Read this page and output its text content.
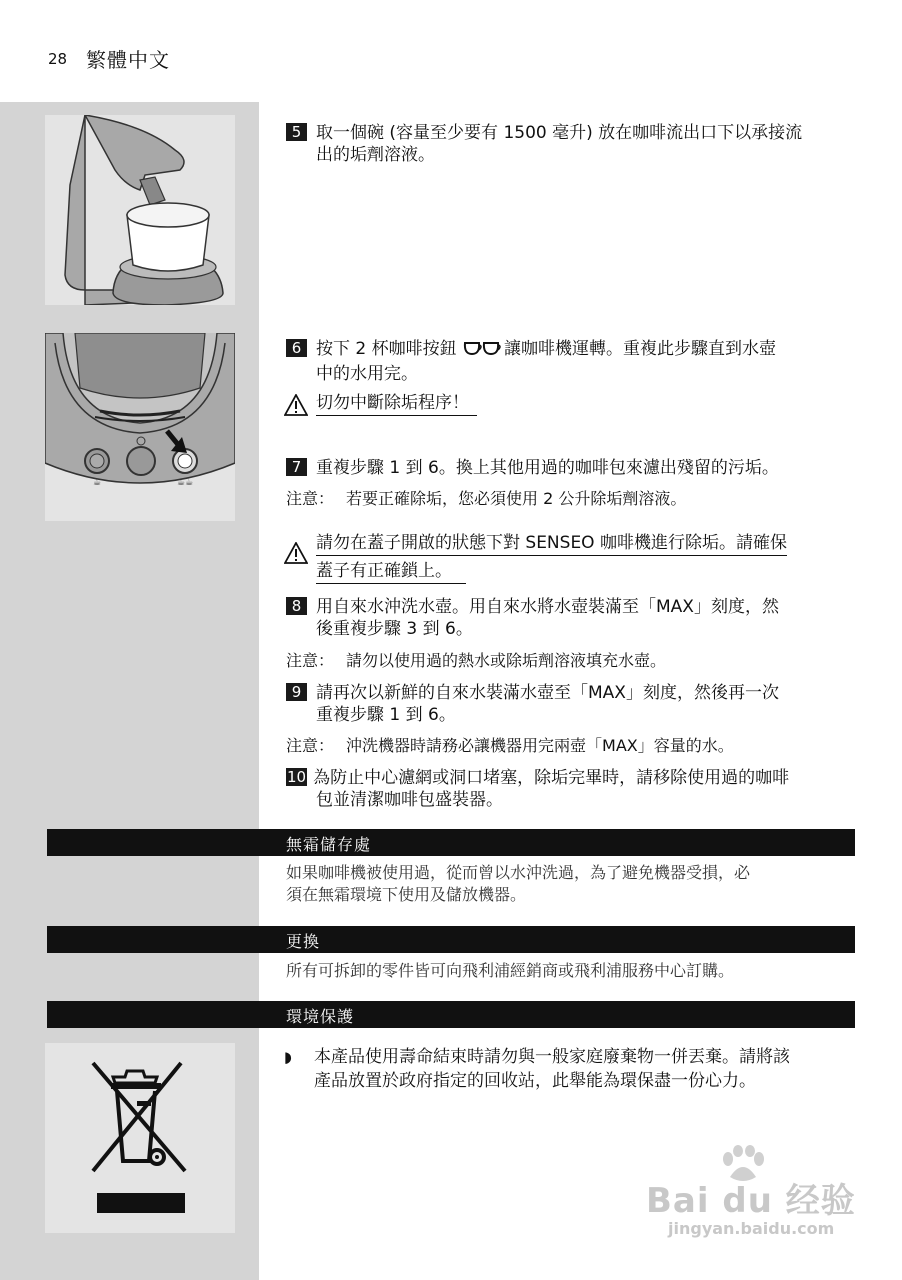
28 繁體中文
☕	☕☕
5 取一個碗 (容量至少要有 1500 毫升) 放在咖啡流出口下以承接流
出的垢劑溶液。
6 按下 2 杯咖啡按鈕	讓咖啡機運轉。重複此步驟直到水壺
中的水用完。
切勿中斷除垢程序！
7 重複步驟 1 到 6。換上其他用過的咖啡包來濾出殘留的污垢。
注意： 若要正確除垢，您必須使用 2 公升除垢劑溶液。
請勿在蓋子開啟的狀態下對 SENSEO 咖啡機進行除垢。請確保
蓋子有正確鎖上。
8 用自來水沖洗水壺。用自來水將水壺裝滿至「MAX」刻度，然
後重複步驟 3 到 6。
注意： 請勿以使用過的熱水或除垢劑溶液填充水壺。
9 請再次以新鮮的自來水裝滿水壺至「MAX」刻度，然後再一次
重複步驟 1 到 6。
注意： 沖洗機器時請務必讓機器用完兩壺「MAX」容量的水。
10 為防止中心濾網或洞口堵塞，除垢完畢時，請移除使用過的咖啡
包並清潔咖啡包盛裝器。
無霜儲存處
如果咖啡機被使用過，從而曾以水沖洗過，為了避免機器受損，必
須在無霜環境下使用及儲放機器。
更換
所有可拆卸的零件皆可向飛利浦經銷商或飛利浦服務中心訂購。
環境保護
◗ 本產品使用壽命結束時請勿與一般家庭廢棄物一併丟棄。請將該
產品放置於政府指定的回收站，此舉能為環保盡一份心力。
Bai du 经验
jingyan.baidu.com
